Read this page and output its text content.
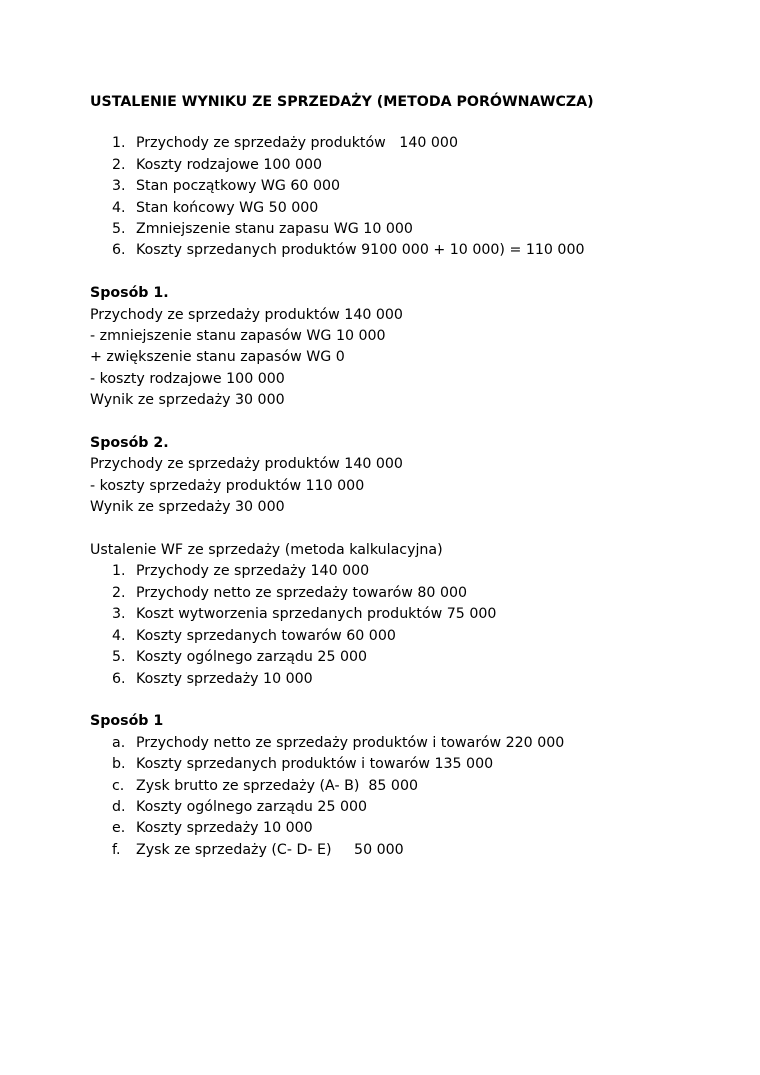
USTALENIE WYNIKU ZE SPRZEDAŻY (METODA PORÓWNAWCZA)
1. Przychody ze sprzedaży produktów   140 000
2. Koszty rodzajowe 100 000
3. Stan początkowy WG 60 000
4. Stan końcowy WG 50 000
5. Zmniejszenie stanu zapasu WG 10 000
6. Koszty sprzedanych produktów 9100 000 + 10 000) = 110 000
Sposób 1.
Przychody ze sprzedaży produktów 140 000
- zmniejszenie stanu zapasów WG 10 000
+ zwiększenie stanu zapasów WG 0
- koszty rodzajowe 100 000
Wynik ze sprzedaży 30 000
Sposób 2.
Przychody ze sprzedaży produktów 140 000
- koszty sprzedaży produktów 110 000
Wynik ze sprzedaży 30 000
Ustalenie WF ze sprzedaży (metoda kalkulacyjna)
1. Przychody ze sprzedaży 140 000
2. Przychody netto ze sprzedaży towarów 80 000
3. Koszt wytworzenia sprzedanych produktów 75 000
4. Koszty sprzedanych towarów 60 000
5. Koszty ogólnego zarządu 25 000
6. Koszty sprzedaży 10 000
Sposób 1
a. Przychody netto ze sprzedaży produktów i towarów 220 000
b. Koszty sprzedanych produktów i towarów 135 000
c. Zysk brutto ze sprzedaży (A- B)  85 000
d. Koszty ogólnego zarządu 25 000
e. Koszty sprzedaży 10 000
f.	Zysk ze sprzedaży (C- D- E)     50 000
